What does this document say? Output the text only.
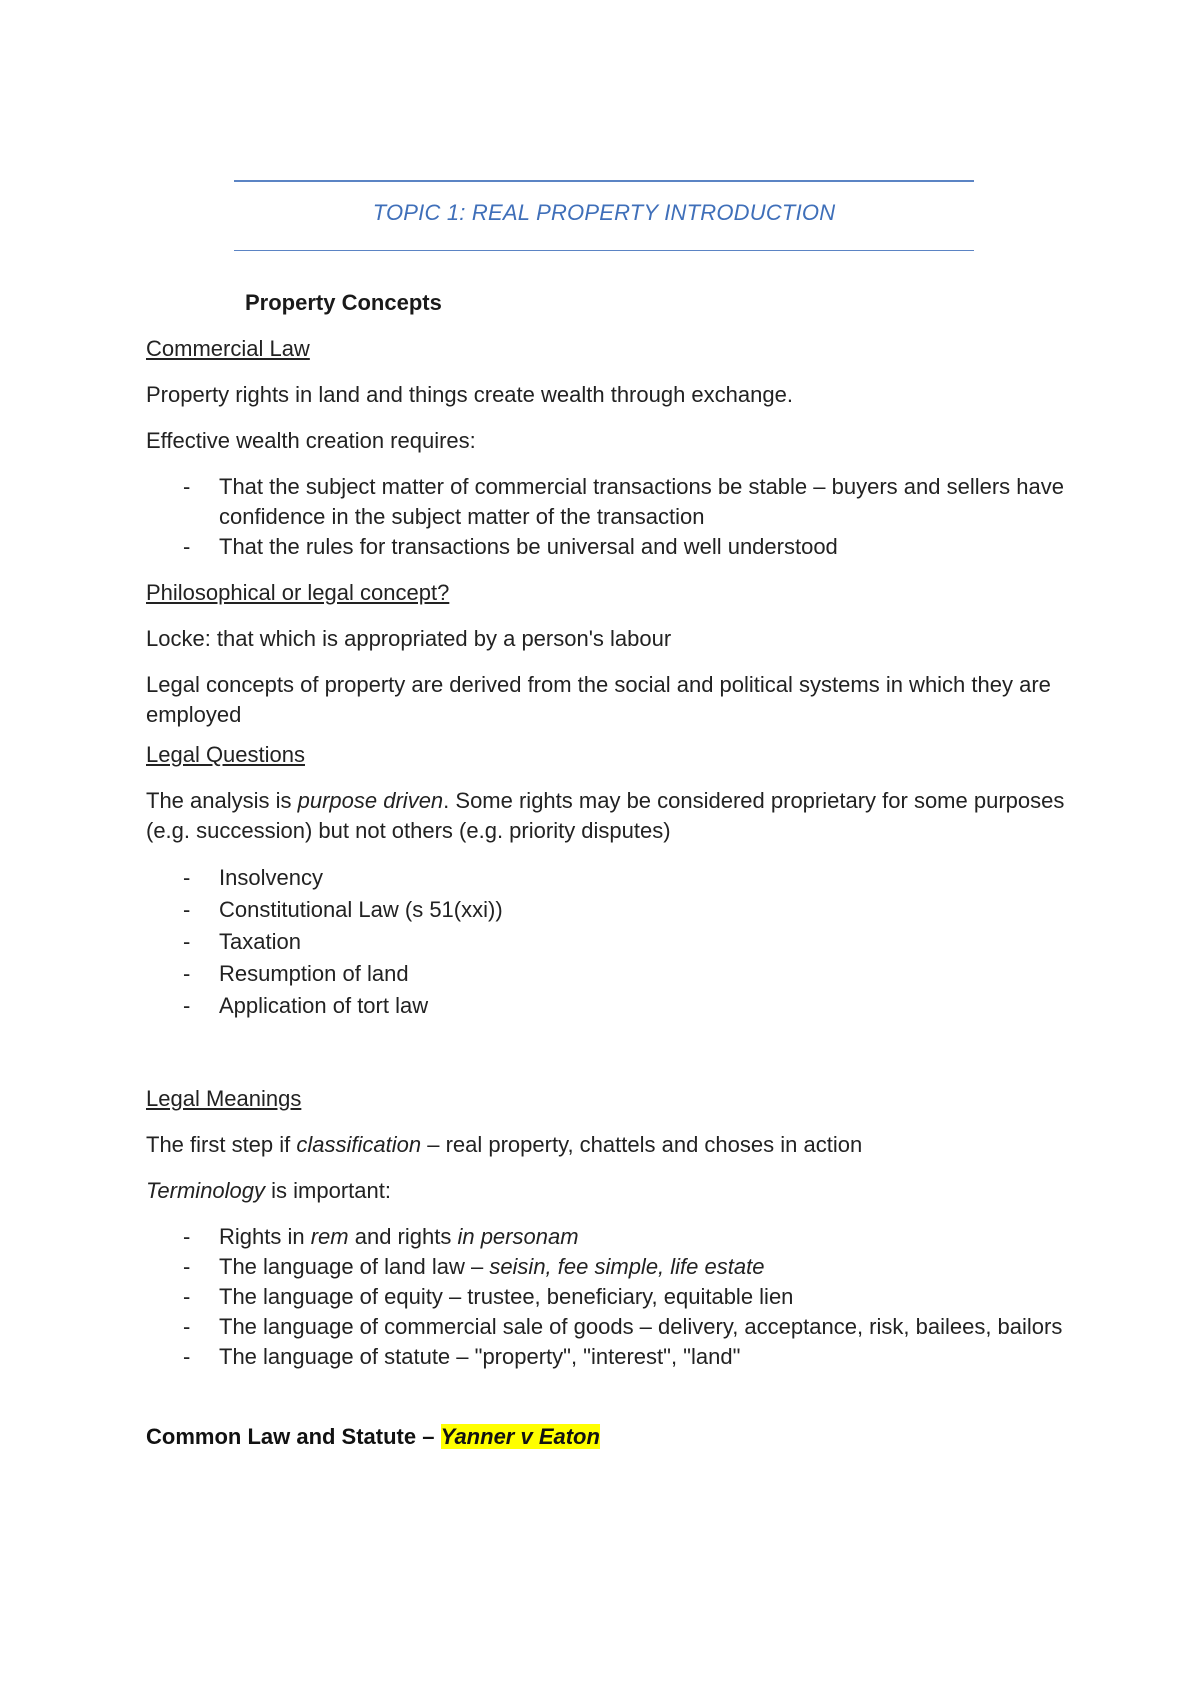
TOPIC 1: REAL PROPERTY INTRODUCTION
Property Concepts
Commercial Law

Property rights in land and things create wealth through exchange.

Effective wealth creation requires:

- That the subject matter of commercial transactions be stable – buyers and sellers have confidence in the subject matter of the transaction
- That the rules for transactions be universal and well understood
Philosophical or legal concept?

Locke: that which is appropriated by a person's labour

Legal concepts of property are derived from the social and political systems in which they are employed

Legal Questions

The analysis is purpose driven. Some rights may be considered proprietary for some purposes (e.g. succession) but not others (e.g. priority disputes)

- Insolvency
- Constitutional Law (s 51(xxi))
- Taxation
- Resumption of land
- Application of tort law
Legal Meanings

The first step if classification – real property, chattels and choses in action

Terminology is important:

- Rights in rem and rights in personam
- The language of land law – seisin, fee simple, life estate
- The language of equity – trustee, beneficiary, equitable lien
- The language of commercial sale of goods – delivery, acceptance, risk, bailees, bailors
- The language of statute – "property", "interest", "land"
Common Law and Statute – Yanner v Eaton
